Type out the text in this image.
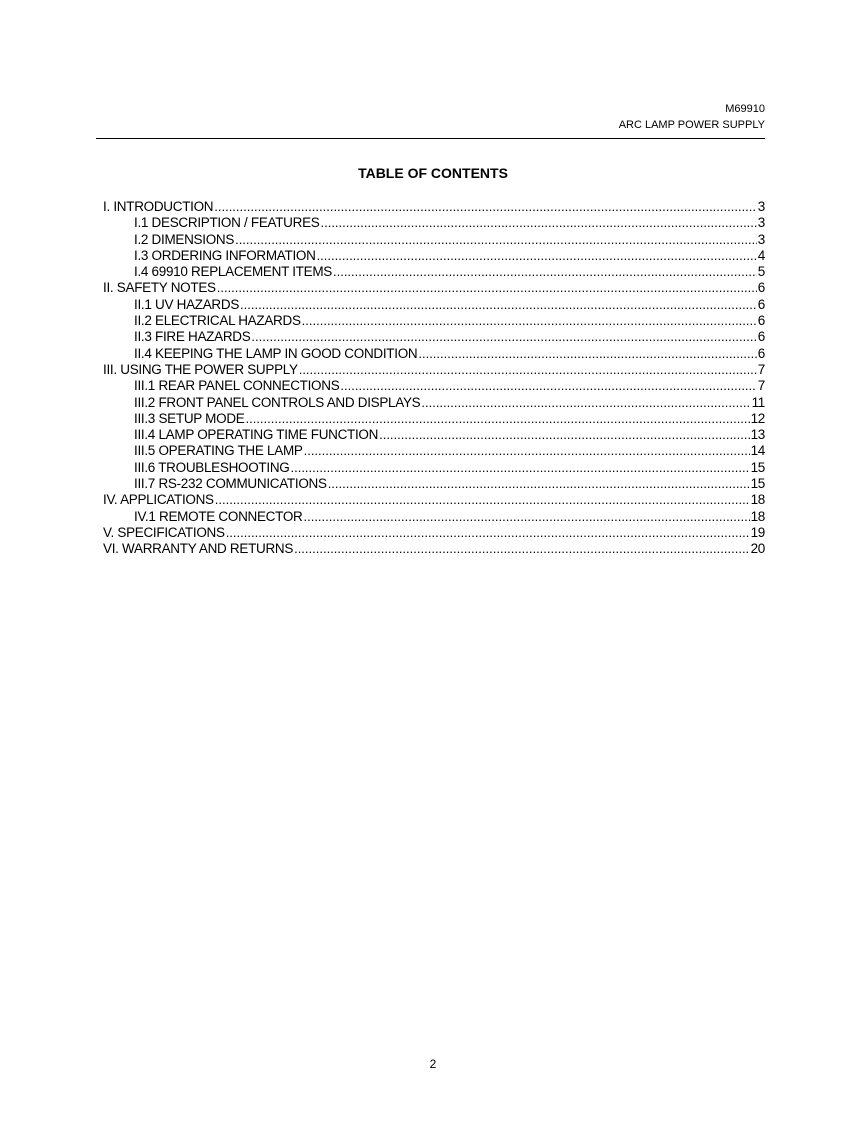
M69910
ARC LAMP POWER SUPPLY
TABLE OF CONTENTS
I. INTRODUCTION .....	3
I.1 DESCRIPTION / FEATURES .....	3
I.2 DIMENSIONS .....	3
I.3 ORDERING INFORMATION .....	4
I.4 69910 REPLACEMENT ITEMS .....	5
II. SAFETY NOTES .....	6
II.1 UV HAZARDS .....	6
II.2 ELECTRICAL HAZARDS .....	6
II.3 FIRE HAZARDS .....	6
II.4 KEEPING THE LAMP IN GOOD CONDITION .....	6
III. USING THE POWER SUPPLY .....	7
III.1 REAR PANEL CONNECTIONS .....	7
III.2 FRONT PANEL CONTROLS AND DISPLAYS .....	11
III.3 SETUP MODE .....	12
III.4 LAMP OPERATING TIME FUNCTION .....	13
III.5 OPERATING THE LAMP .....	14
III.6 TROUBLESHOOTING .....	15
III.7 RS-232 COMMUNICATIONS .....	15
IV. APPLICATIONS .....	18
IV.1 REMOTE CONNECTOR .....	18
V. SPECIFICATIONS .....	19
VI. WARRANTY AND RETURNS .....	20
2
